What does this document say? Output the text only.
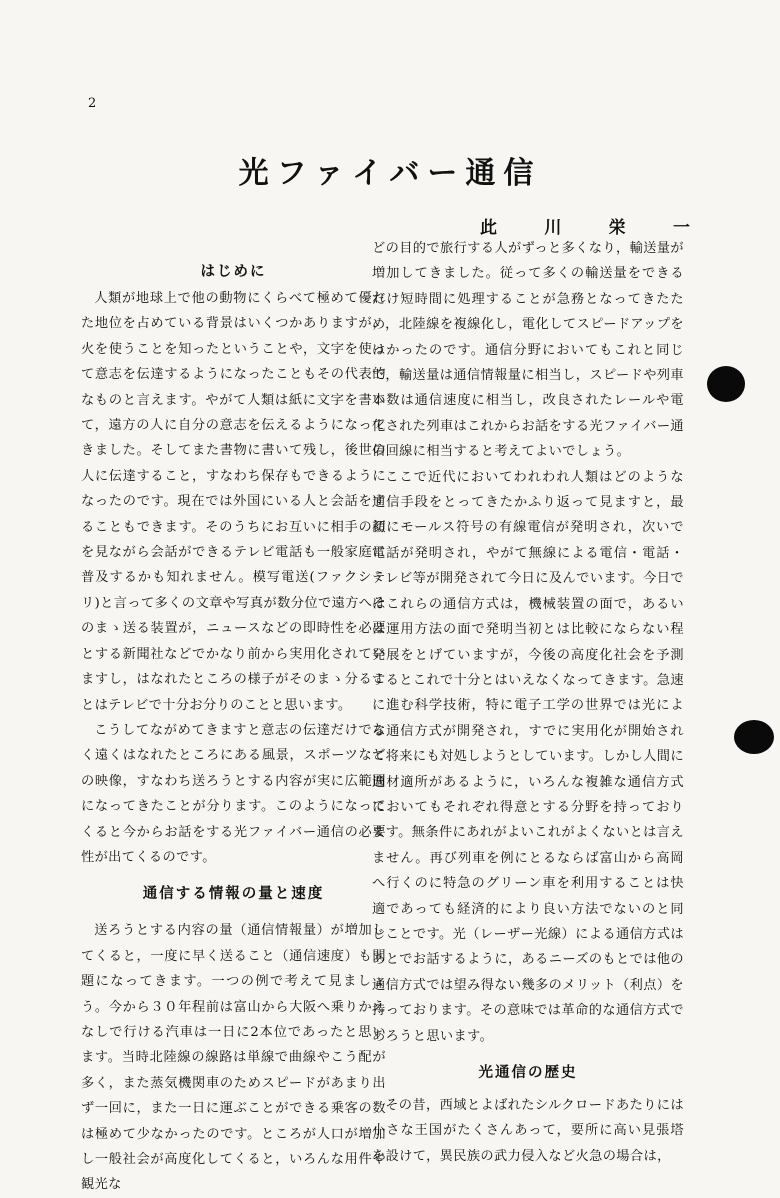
2
光ファイバー通信
此	川	栄	一
はじめに

人類が地球上で他の動物にくらべて極めて優れた地位を占めている背景はいくつかありますが，火を使うことを知ったということや，文字を使って意志を伝達するようになったこともその代表的なものと言えます。やがて人類は紙に文字を書いて，遠方の人に自分の意志を伝えるようになってきました。そしてまた書物に書いて残し，後世の人に伝達すること，すなわち保存もできるようになったのです。現在では外国にいる人と会話をすることもできます。そのうちにお互いに相手の顔を見ながら会話ができるテレビ電話も一般家庭に普及するかも知れません。模写電送(ファクシミリ)と言って多くの文章や写真が数分位で遠方へそのまゝ送る装置が，ニュースなどの即時性を必要とする新聞社などでかなり前から実用化されていますし，はなれたところの様子がそのまゝ分ることはテレビで十分お分りのことと思います。

こうしてながめてきますと意志の伝達だけでなく遠くはなれたところにある風景，スポーツなどの映像，すなわち送ろうとする内容が実に広範囲になってきたことが分ります。このようになってくると今からお話をする光ファイバー通信の必要性が出てくるのです。

通信する情報の量と速度

送ろうとする内容の量（通信情報量）が増加してくると，一度に早く送ること（通信速度）も問題になってきます。一つの例で考えて見ましょう。今から３０年程前は富山から大阪へ乗りかえなしで行ける汽車は一日に2本位であったと思います。当時北陸線の線路は単線で曲線やこう配が多く，また蒸気機関車のためスピードがあまり出ず一回に，また一日に運ぶことができる乗客の数は極めて少なかったのです。ところが人口が増加し一般社会が高度化してくると，いろんな用件や観光な

どの目的で旅行する人がずっと多くなり，輸送量が増加してきました。従って多くの輸送量をできるだけ短時間に処理することが急務となってきたため，北陸線を複線化し，電化してスピードアップをはかったのです。通信分野においてもこれと同じで，輸送量は通信情報量に相当し，スピードや列車本数は通信速度に相当し，改良されたレールや電化された列車はこれからお話をする光ファイバー通信回線に相当すると考えてよいでしょう。

ここで近代においてわれわれ人類はどのような通信手段をとってきたかふり返って見ますと，最初にモールス符号の有線電信が発明され，次いで電話が発明され，やがて無線による電信・電話・テレビ等が開発されて今日に及んでいます。今日ではこれらの通信方式は，機械装置の面で，あるいは運用方法の面で発明当初とは比較にならない程発展をとげていますが，今後の高度化社会を予測するとこれで十分とはいえなくなってきます。急速に進む科学技術，特に電子工学の世界では光による通信方式が開発され，すでに実用化が開始されて将来にも対処しようとしています。しかし人間に適材適所があるように，いろんな複雑な通信方式においてもそれぞれ得意とする分野を持っております。無条件にあれがよいこれがよくないとは言えません。再び列車を例にとるならば富山から高岡へ行くのに特急のグリーン車を利用することは快適であっても経済的により良い方法でないのと同じことです。光（レーザー光線）による通信方式はあとでお話するように，あるニーズのもとでは他の通信方式では望み得ない幾多のメリット（利点）を持っております。その意味では革命的な通信方式であろうと思います。

光通信の歴史

その昔，西域とよばれたシルクロードあたりには小さな王国がたくさんあって，要所に高い見張塔を設けて，異民族の武力侵入など火急の場合は，
